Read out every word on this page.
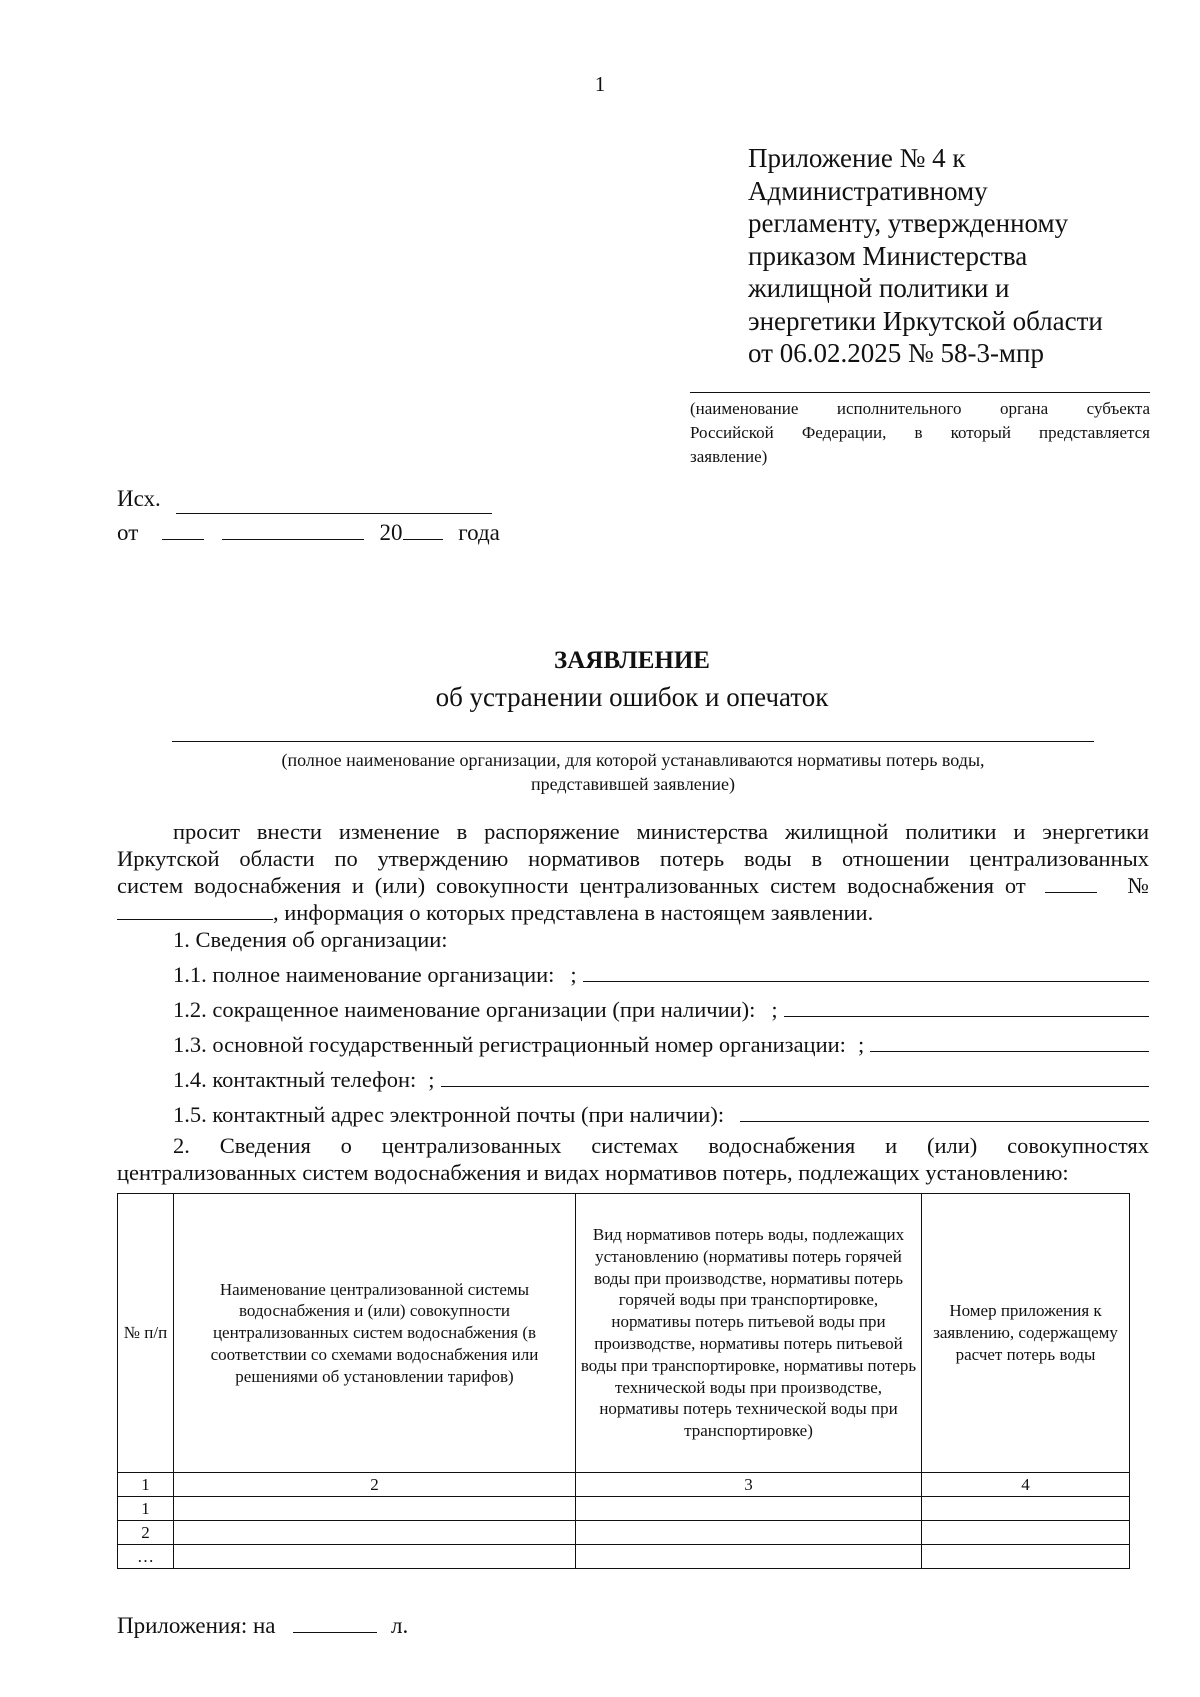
1
Приложение № 4 к
Административному
регламенту, утвержденному
приказом Министерства
жилищной политики и
энергетики Иркутской области
от 06.02.2025 № 58-3-мпр
(наименование исполнительного органа субъекта
Российской Федерации, в который представляется
заявление)
Исх.
от	20 года
ЗАЯВЛЕНИЕ
об устранении ошибок и опечаток
(полное наименование организации, для которой устанавливаются нормативы потерь воды,
представившей заявление)
просит внести изменение в распоряжение министерства жилищной политики и энергетики
Иркутской области по утверждению нормативов потерь воды в отношении централизованных
систем водоснабжения и (или) совокупности централизованных систем водоснабжения от	№
, информация о которых представлена в настоящем заявлении.
1. Сведения об организации:
1.1. полное наименование организации: ;
1.2. сокращенное наименование организации (при наличии): ;
1.3. основной государственный регистрационный номер организации: ;
1.4. контактный телефон: ;
1.5. контактный адрес электронной почты (при наличии):
2. Сведения о централизованных системах водоснабжения и (или) совокупностях
централизованных систем водоснабжения и видах нормативов потерь, подлежащих установлению:
№ п/п	Наименование централизованной системы водоснабжения и (или) совокупности централизованных систем водоснабжения (в соответствии со схемами водоснабжения или решениями об установлении тарифов)	Вид нормативов потерь воды, подлежащих установлению (нормативы потерь горячей воды при производстве, нормативы потерь горячей воды при транспортировке, нормативы потерь питьевой воды при производстве, нормативы потерь питьевой воды при транспортировке, нормативы потерь технической воды при производстве, нормативы потерь технической воды при транспортировке)	Номер приложения к заявлению, содержащему расчет потерь воды
1	2	3	4
1			
2			
…			
Приложения: на	л.
